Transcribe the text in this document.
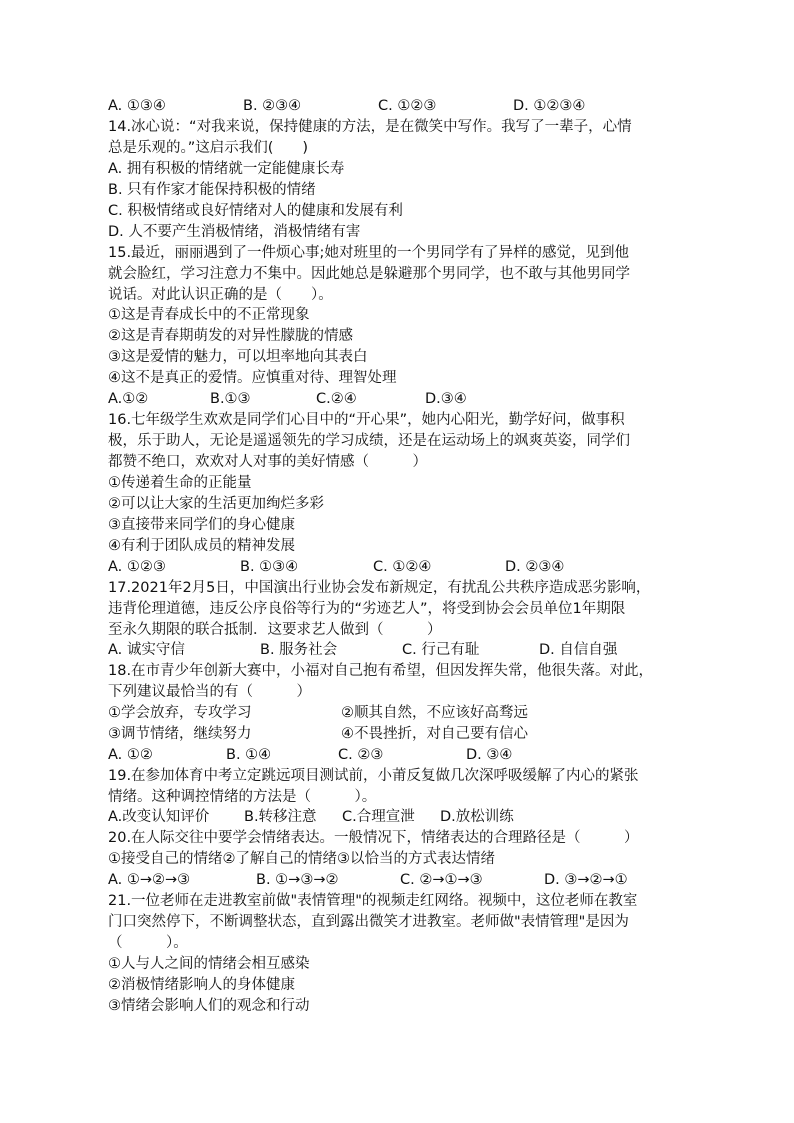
A. ①③④	B. ②③④	C. ①②③	D. ①②③④
14.冰心说：“对我来说，保持健康的方法，是在微笑中写作。我写了一辈子，心情
总是乐观的。”这启示我们(　　)
A. 拥有积极的情绪就一定能健康长寿
B. 只有作家才能保持积极的情绪
C. 积极情绪或良好情绪对人的健康和发展有利
D. 人不要产生消极情绪，消极情绪有害
15.最近，丽丽遇到了一件烦心事;她对班里的一个男同学有了异样的感觉，见到他
就会脸红，学习注意力不集中。因此她总是躲避那个男同学，也不敢与其他男同学
说话。对此认识正确的是（　　）。
①这是青春成长中的不正常现象
②这是青春期萌发的对异性朦胧的情感
③这是爱情的魅力，可以坦率地向其表白
④这不是真正的爱情。应慎重对待、理智处理
A.①②	B.①③	C.②④	D.③④
16.七年级学生欢欢是同学们心目中的“开心果”，她内心阳光，勤学好问，做事积
极，乐于助人，无论是遥遥领先的学习成绩，还是在运动场上的飒爽英姿，同学们
都赞不绝口，欢欢对人对事的美好情感（　　　）
①传递着生命的正能量
②可以让大家的生活更加绚烂多彩
③直接带来同学们的身心健康
④有利于团队成员的精神发展
A. ①②③	B. ①③④	C. ①②④	D. ②③④
17.2021年2月5日，中国演出行业协会发布新规定，有扰乱公共秩序造成恶劣影响，
违背伦理道德，违反公序良俗等行为的“劣迹艺人”，将受到协会会员单位1年期限
至永久期限的联合抵制．这要求艺人做到（　　　）
A. 诚实守信	B. 服务社会	C. 行己有耻	D. 自信自强
18.在市青少年创新大赛中，小福对自己抱有希望，但因发挥失常，他很失落。对此，
下列建议最恰当的有（　　　）
①学会放弃，专攻学习	②顺其自然，不应该好高骛远
③调节情绪，继续努力	④不畏挫折，对自己要有信心
A. ①②	B. ①④	C. ②③	D. ③④
19.在参加体育中考立定跳远项目测试前，小莆反复做几次深呼吸缓解了内心的紧张
情绪。这种调控情绪的方法是（　　　）。
A.改变认知评价 B.转移注意 C.合理宣泄 D.放松训练
20.在人际交往中要学会情绪表达。一般情况下，情绪表达的合理路径是（　　　）
①接受自己的情绪②了解自己的情绪③以恰当的方式表达情绪
A. ①→②→③	B. ①→③→②	C. ②→①→③	D. ③→②→①
21.一位老师在走进教室前做"表情管理"的视频走红网络。视频中，这位老师在教室
门口突然停下，不断调整状态，直到露出微笑才进教室。老师做"表情管理"是因为
（　　　）。
①人与人之间的情绪会相互感染
②消极情绪影响人的身体健康
③情绪会影响人们的观念和行动
